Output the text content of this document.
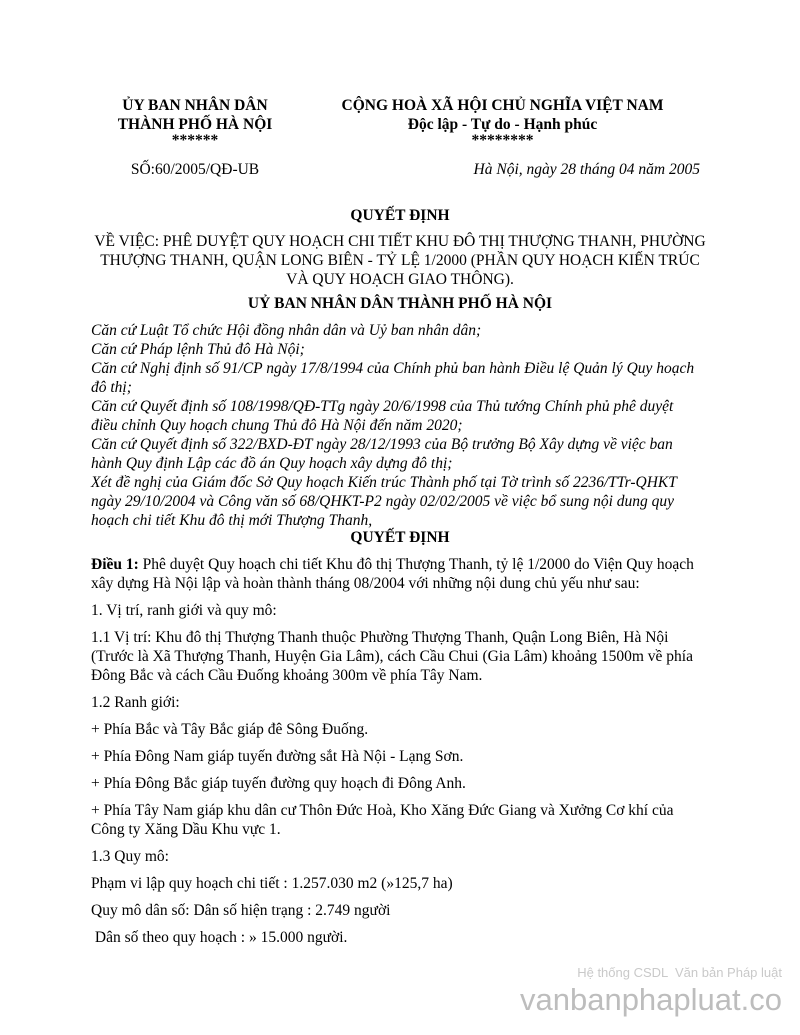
ỦY BAN NHÂN DÂN
THÀNH PHỐ HÀ NỘI
******
CỘNG HOÀ XÃ HỘI CHỦ NGHĨA VIỆT NAM
Độc lập - Tự do - Hạnh phúc
********
SỐ:60/2005/QĐ-UB	Hà Nội, ngày 28 tháng 04 năm 2005
QUYẾT ĐỊNH
VỀ VIỆC: PHÊ DUYỆT QUY HOẠCH CHI TIẾT KHU ĐÔ THỊ THƯỢNG THANH, PHƯỜNG THƯỢNG THANH, QUẬN LONG BIÊN - TỶ LỆ 1/2000 (PHẦN QUY HOẠCH KIẾN TRÚC VÀ QUY HOẠCH GIAO THÔNG).
UỶ BAN NHÂN DÂN THÀNH PHỐ HÀ NỘI

Căn cứ Luật Tổ chức Hội đồng nhân dân và Uỷ ban nhân dân;

Căn cứ Pháp lệnh Thủ đô Hà Nội;

Căn cứ Nghị định số 91/CP ngày 17/8/1994 của Chính phủ ban hành Điều lệ Quản lý Quy hoạch đô thị;

Căn cứ Quyết định số 108/1998/QĐ-TTg ngày 20/6/1998 của Thủ tướng Chính phủ phê duyệt điều chỉnh Quy hoạch chung Thủ đô Hà Nội đến năm 2020;

Căn cứ Quyết định số 322/BXD-ĐT ngày 28/12/1993 của Bộ trưởng Bộ Xây dựng về việc ban hành Quy định Lập các đồ án Quy hoạch xây dựng đô thị;

Xét đề nghị của Giám đốc Sở Quy hoạch Kiến trúc Thành phố tại Tờ trình số 2236/TTr-QHKT ngày 29/10/2004 và Công văn số 68/QHKT-P2 ngày 02/02/2005 về việc bổ sung nội dung quy hoạch chi tiết Khu đô thị mới Thượng Thanh,

QUYẾT ĐỊNH

Điều 1: Phê duyệt Quy hoạch chi tiết Khu đô thị Thượng Thanh, tỷ lệ 1/2000 do Viện Quy hoạch xây dựng Hà Nội lập và hoàn thành tháng 08/2004 với những nội dung chủ yếu như sau:

1. Vị trí, ranh giới và quy mô:

1.1 Vị trí: Khu đô thị Thượng Thanh thuộc Phường Thượng Thanh, Quận Long Biên, Hà Nội (Trước là Xã Thượng Thanh, Huyện Gia Lâm), cách Cầu Chui (Gia Lâm) khoảng 1500m về phía Đông Bắc và cách Cầu Đuống khoảng 300m về phía Tây Nam.

1.2 Ranh giới:

+ Phía Bắc và Tây Bắc giáp đê Sông Đuống.

+ Phía Đông Nam giáp tuyến đường sắt Hà Nội - Lạng Sơn.

+ Phía Đông Bắc giáp tuyến đường quy hoạch đi Đông Anh.

+ Phía Tây Nam giáp khu dân cư Thôn Đức Hoà, Kho Xăng Đức Giang và Xưởng Cơ khí của Công ty Xăng Dầu Khu vực 1.

1.3 Quy mô:

Phạm vi lập quy hoạch chi tiết : 1.257.030 m2 (»125,7 ha)

Quy mô dân số: Dân số hiện trạng : 2.749 người

Dân số theo quy hoạch : » 15.000 người.

Hệ thống CSDL  Văn bản Pháp luật
vanbanphapluat.co
